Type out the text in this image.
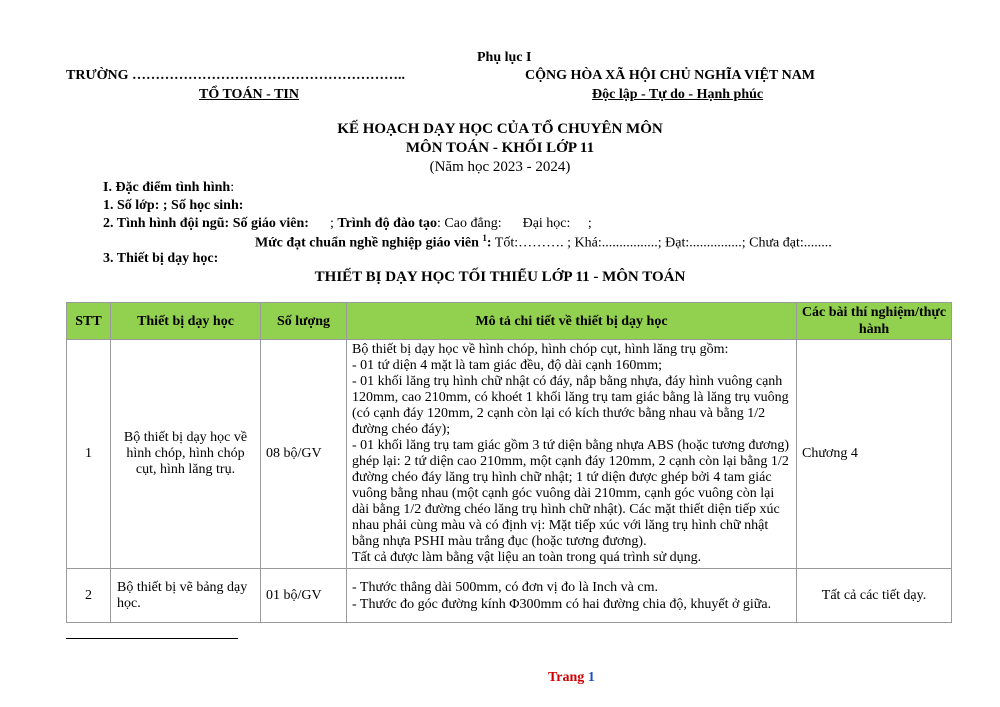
Phụ lục I
TRƯỜNG …………………………………………………..
TỔ TOÁN - TIN
CỘNG HÒA XÃ HỘI CHỦ NGHĨA VIỆT NAM
Độc lập - Tự do - Hạnh phúc
KẾ HOẠCH DẠY HỌC CỦA TỔ CHUYÊN MÔN
MÔN TOÁN - KHỐI LỚP 11
(Năm học 2023 - 2024)
I. Đặc điểm tình hình:
1. Số lớp: ; Số học sinh:
2. Tình hình đội ngũ: Số giáo viên:      ; Trình độ đào tạo: Cao đẳng:      Đại học:     ;
Mức đạt chuẩn nghề nghiệp giáo viên $^1$: Tốt:………. ; Khá:................; Đạt:...............; Chưa đạt:........
3. Thiết bị dạy học:
THIẾT BỊ DẠY HỌC TỐI THIỂU LỚP 11 - MÔN TOÁN
STT	Thiết bị dạy học	Số lượng	Mô tả chi tiết về thiết bị dạy học	Các bài thí nghiệm/thực hành
1	Bộ thiết bị dạy học về hình chóp, hình chóp cụt, hình lăng trụ.	08 bộ/GV	Bộ thiết bị dạy học về hình chóp, hình chóp cụt, hình lăng trụ gồm:
- 01 tứ diện 4 mặt là tam giác đều, độ dài cạnh 160mm;
- 01 khối lăng trụ hình chữ nhật có đáy, nắp bằng nhựa, đáy hình vuông cạnh 120mm, cao 210mm, có khoét 1 khối lăng trụ tam giác bằng là lăng trụ vuông (có cạnh đáy 120mm, 2 cạnh còn lại có kích thước bằng nhau và bằng 1/2 đường chéo đáy);
- 01 khối lăng trụ tam giác gồm 3 tứ diện bằng nhựa ABS (hoặc tương đương) ghép lại: 2 tứ diện cao 210mm, một cạnh đáy 120mm, 2 cạnh còn lại bằng 1/2 đường chéo đáy lăng trụ hình chữ nhật; 1 tứ diện được ghép bởi 4 tam giác vuông bằng nhau (một cạnh góc vuông dài 210mm, cạnh góc vuông còn lại dài bằng 1/2 đường chéo lăng trụ hình chữ nhật). Các mặt thiết diện tiếp xúc nhau phải cùng màu và có định vị: Mặt tiếp xúc với lăng trụ hình chữ nhật bằng nhựa PSHI màu trắng đục (hoặc tương đương).
Tất cả được làm bằng vật liệu an toàn trong quá trình sử dụng.	Chương 4
2	Bộ thiết bị vẽ bảng dạy học.	01 bộ/GV	- Thước thẳng dài 500mm, có đơn vị đo là Inch và cm.
- Thước đo góc đường kính Φ300mm có hai đường chia độ, khuyết ở giữa.	Tất cả các tiết dạy.
Trang 1
